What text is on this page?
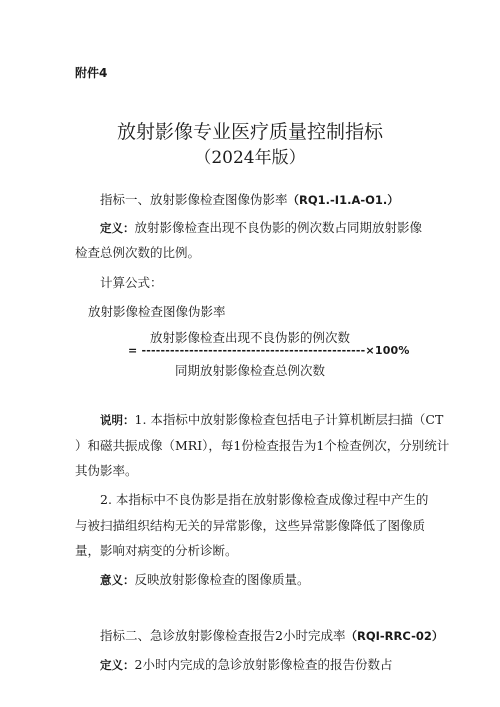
附件4
放射影像专业医疗质量控制指标
（2024年版）
指标一、放射影像检查图像伪影率（RQ1.-I1.A-O1.）
定义：放射影像检查出现不良伪影的例次数占同期放射影像
检查总例次数的比例。
计算公式：
放射影像检查图像伪影率
放射影像检查出现不良伪影的例次数
= -----------------------------------------------×100%
同期放射影像检查总例次数
说明：1. 本指标中放射影像检查包括电子计算机断层扫描（CT
）和磁共振成像（MRI），每1份检查报告为1个检查例次，分别统计
其伪影率。
2. 本指标中不良伪影是指在放射影像检查成像过程中产生的
与被扫描组织结构无关的异常影像，这些异常影像降低了图像质
量，影响对病变的分析诊断。
意义：反映放射影像检查的图像质量。
指标二、急诊放射影像检查报告2小时完成率（RQI-RRC-02）
定义：2小时内完成的急诊放射影像检查的报告份数占
